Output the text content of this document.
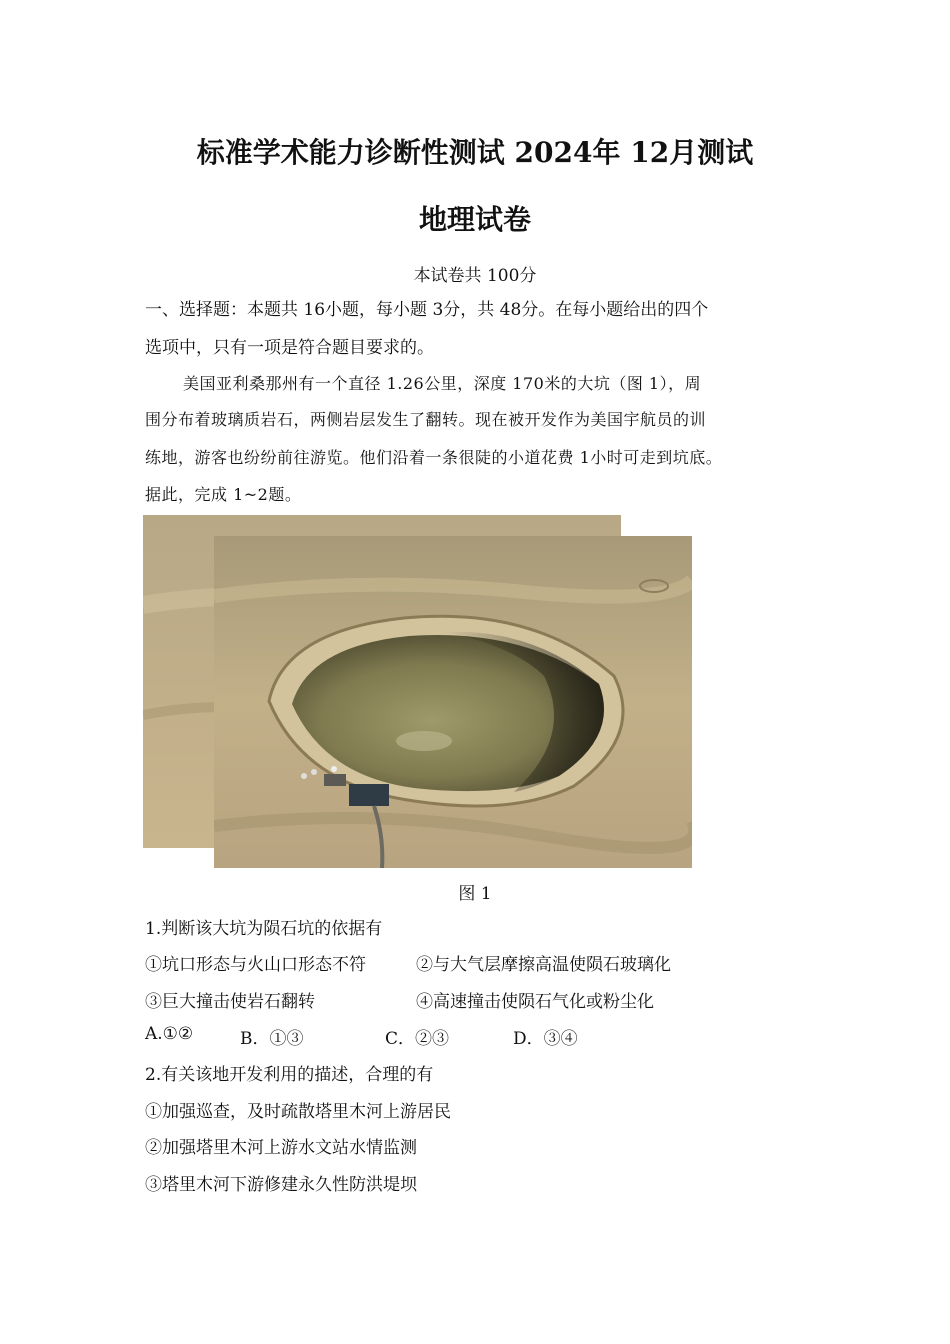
标准学术能力诊断性测试 2024年 12月测试
地理试卷
本试卷共 100分
一、选择题：本题共 16小题，每小题 3分，共 48分。在每小题给出的四个
选项中，只有一项是符合题目要求的。
美国亚利桑那州有一个直径 1.26公里，深度 170米的大坑（图 1），周
围分布着玻璃质岩石，两侧岩层发生了翻转。现在被开发作为美国宇航员的训
练地，游客也纷纷前往游览。他们沿着一条很陡的小道花费 1小时可走到坑底。
据此，完成 1~2题。
图 1
1.判断该大坑为陨石坑的依据有
①坑口形态与火山口形态不符	②与大气层摩擦高温使陨石玻璃化
③巨大撞击使岩石翻转	④高速撞击使陨石气化或粉尘化
A.①②	B．①③	C．②③	D．③④
2.有关该地开发利用的描述，合理的有
①加强巡查，及时疏散塔里木河上游居民
②加强塔里木河上游水文站水情监测
③塔里木河下游修建永久性防洪堤坝
